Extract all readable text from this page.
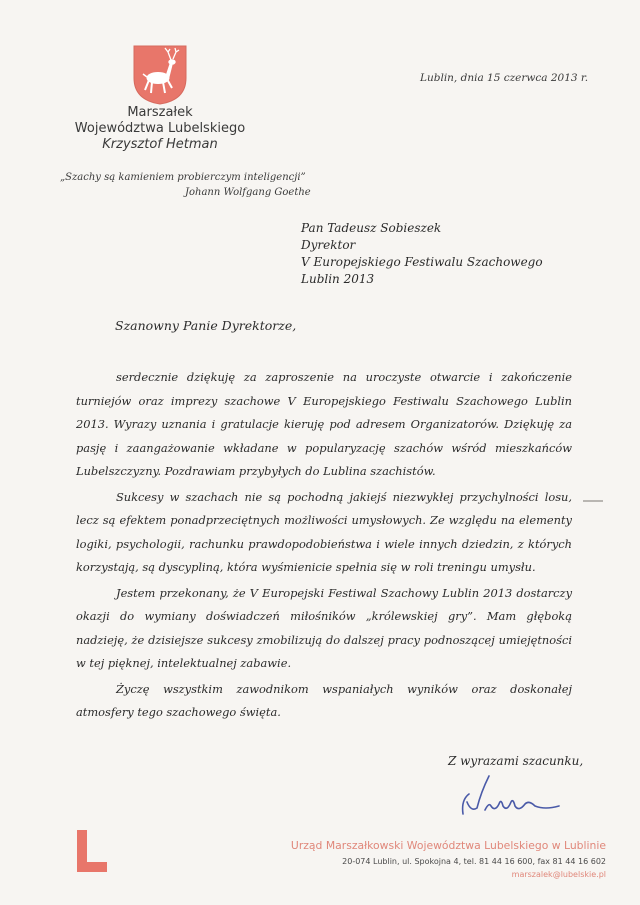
Marszałek
Województwa Lubelskiego
Krzysztof Hetman
Lublin, dnia 15 czerwca 2013 r.
„Szachy są kamieniem probierczym inteligencji”
Johann Wolfgang Goethe
Pan Tadeusz Sobieszek
Dyrektor
V Europejskiego Festiwalu Szachowego
Lublin 2013
Szanowny Panie Dyrektorze,

serdecznie dziękuję za zaproszenie na uroczyste otwarcie i zakończenie turniejów oraz imprezy szachowe V Europejskiego Festiwalu Szachowego Lublin 2013. Wyrazy uznania i gratulacje kieruję pod adresem Organizatorów. Dziękuję za pasję i zaangażowanie wkładane w popularyzację szachów wśród mieszkańców Lubelszczyzny. Pozdrawiam przybyłych do Lublina szachistów.

Sukcesy w szachach nie są pochodną jakiejś niezwykłej przychylności losu, lecz są efektem ponadprzeciętnych możliwości umysłowych. Ze względu na elementy logiki, psychologii, rachunku prawdopodobieństwa i wiele innych dziedzin, z których korzystają, są dyscypliną, która wyśmienicie spełnia się w roli treningu umysłu.

Jestem przekonany, że V Europejski Festiwal Szachowy Lublin 2013 dostarczy okazji do wymiany doświadczeń miłośników „królewskiej gry”. Mam głęboką nadzieję, że dzisiejsze sukcesy zmobilizują do dalszej pracy podnoszącej umiejętności w tej pięknej, intelektualnej zabawie.

Życzę wszystkim zawodnikom wspaniałych wyników oraz doskonałej atmosfery tego szachowego święta.

Z wyrazami szacunku,
Urząd Marszałkowski Województwa Lubelskiego w Lublinie
20-074 Lublin, ul. Spokojna 4, tel. 81 44 16 600, fax 81 44 16 602
marszalek@lubelskie.pl
